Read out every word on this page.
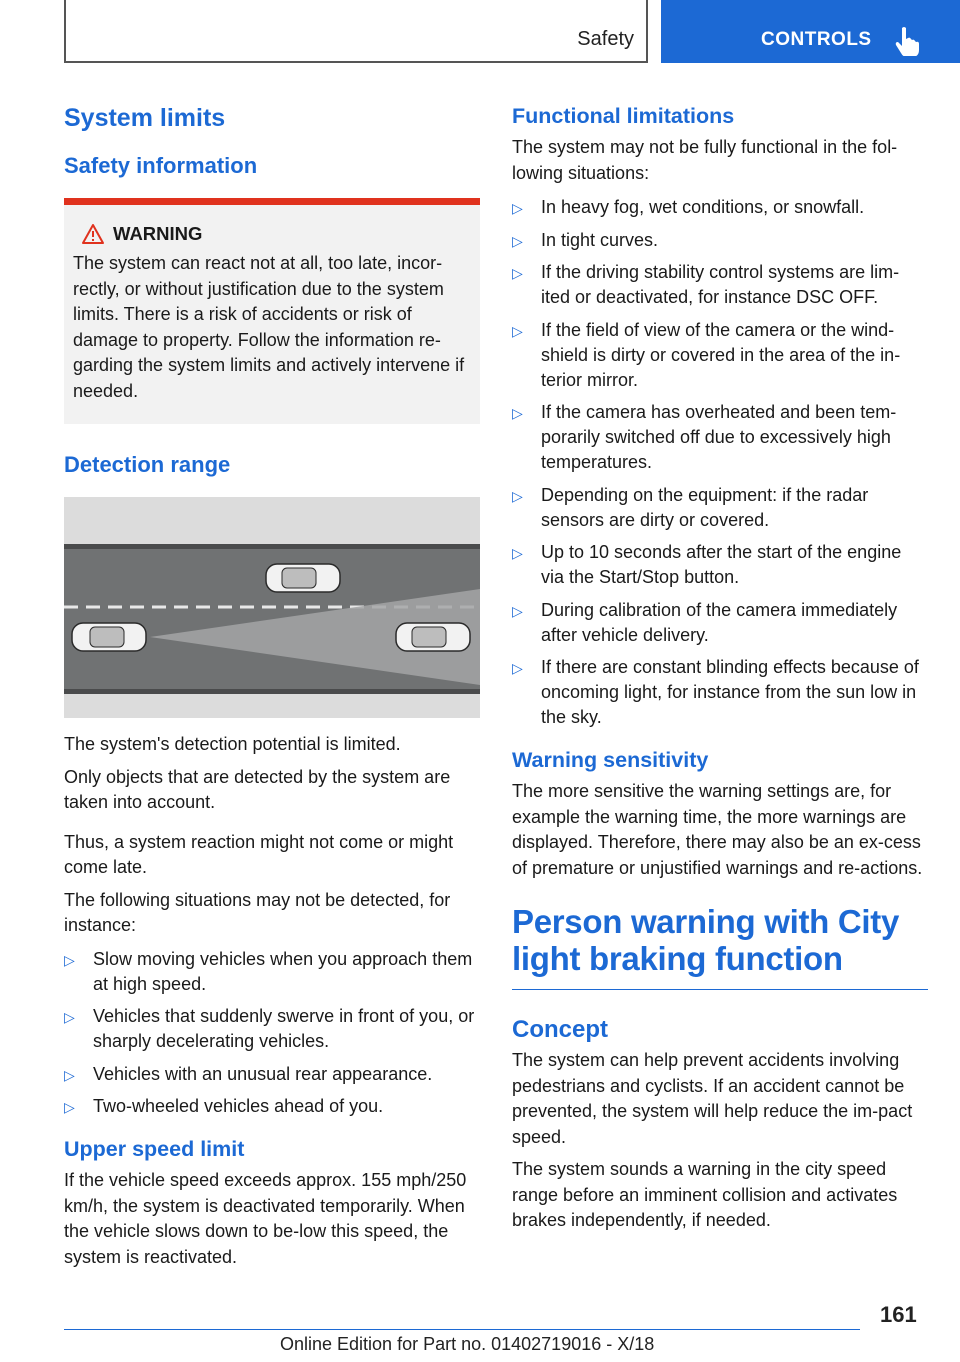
Safety	CONTROLS
System limits
Safety information
WARNING

The system can react not at all, too late, incor-rectly, or without justification due to the system limits. There is a risk of accidents or risk of damage to property. Follow the information re-garding the system limits and actively intervene if needed.

Detection range

The system's detection potential is limited.

Only objects that are detected by the system are taken into account.

Thus, a system reaction might not come or might come late.

The following situations may not be detected, for instance:

▷ Slow moving vehicles when you approach them at high speed.
▷ Vehicles that suddenly swerve in front of you, or sharply decelerating vehicles.
▷ Vehicles with an unusual rear appearance.
▷ Two-wheeled vehicles ahead of you.
Upper speed limit

If the vehicle speed exceeds approx. 155 mph/250 km/h, the system is deactivated temporarily. When the vehicle slows down to be-low this speed, the system is reactivated.

Functional limitations

The system may not be fully functional in the fol-lowing situations:

▷ In heavy fog, wet conditions, or snowfall.
▷ In tight curves.
▷ If the driving stability control systems are lim-ited or deactivated, for instance DSC OFF.
▷ If the field of view of the camera or the wind-shield is dirty or covered in the area of the in-terior mirror.
▷ If the camera has overheated and been tem-porarily switched off due to excessively high temperatures.
▷ Depending on the equipment: if the radar sensors are dirty or covered.
▷ Up to 10 seconds after the start of the engine via the Start/Stop button.
▷ During calibration of the camera immediately after vehicle delivery.
▷ If there are constant blinding effects because of oncoming light, for instance from the sun low in the sky.
Warning sensitivity

The more sensitive the warning settings are, for example the warning time, the more warnings are displayed. Therefore, there may also be an ex-cess of premature or unjustified warnings and re-actions.

Person warning with City light braking function
Concept

The system can help prevent accidents involving pedestrians and cyclists. If an accident cannot be prevented, the system will help reduce the im-pact speed.

The system sounds a warning in the city speed range before an imminent collision and activates brakes independently, if needed.

161
Online Edition for Part no. 01402719016 - X/18
